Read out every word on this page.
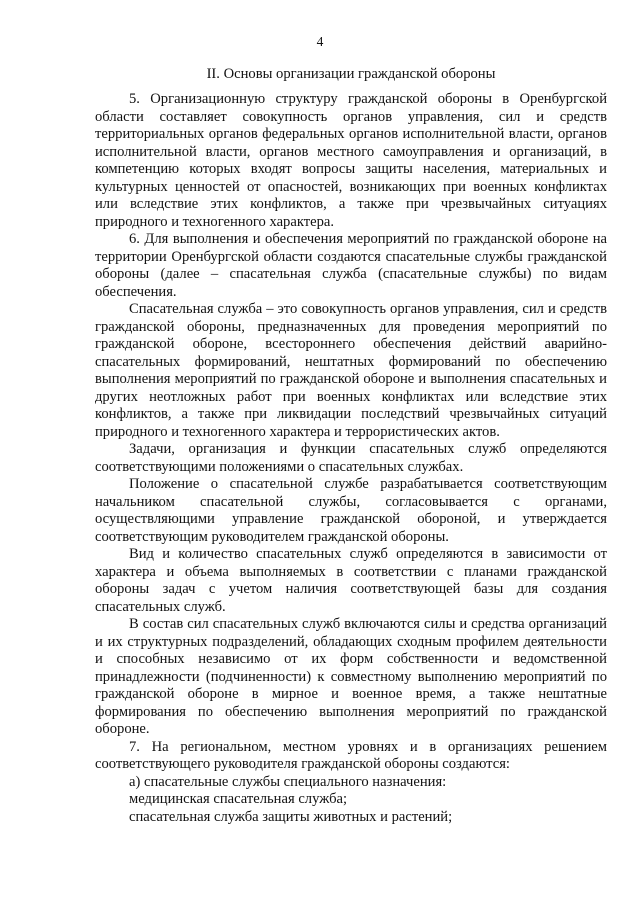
4
II. Основы организации гражданской обороны

5. Организационную структуру гражданской обороны в Оренбургской области составляет совокупность органов управления, сил и средств территориальных органов федеральных органов исполнительной власти, органов исполнительной власти, органов местного самоуправления и организаций, в компетенцию которых входят вопросы защиты населения, материальных и культурных ценностей от опасностей, возникающих при военных конфликтах или вследствие этих конфликтов, а также при чрезвычайных ситуациях природного и техногенного характера.

6. Для выполнения и обеспечения мероприятий по гражданской обороне на территории Оренбургской области создаются спасательные службы гражданской обороны (далее – спасательная служба (спасательные службы) по видам обеспечения.

Спасательная служба – это совокупность органов управления, сил и средств гражданской обороны, предназначенных для проведения мероприятий по гражданской обороне, всестороннего обеспечения действий аварийно-спасательных формирований, нештатных формирований по обеспечению выполнения мероприятий по гражданской обороне и выполнения спасательных и других неотложных работ при военных конфликтах или вследствие этих конфликтов, а также при ликвидации последствий чрезвычайных ситуаций природного и техногенного характера и террористических актов.

Задачи, организация и функции спасательных служб определяются соответствующими положениями о спасательных службах.

Положение о спасательной службе разрабатывается соответствующим начальником спасательной службы, согласовывается с органами, осуществляющими управление гражданской обороной, и утверждается соответствующим руководителем гражданской обороны.

Вид и количество спасательных служб определяются в зависимости от характера и объема выполняемых в соответствии с планами гражданской обороны задач с учетом наличия соответствующей базы для создания спасательных служб.

В состав сил спасательных служб включаются силы и средства организаций и их структурных подразделений, обладающих сходным профилем деятельности и способных независимо от их форм собственности и ведомственной принадлежности (подчиненности) к совместному выполнению мероприятий по гражданской обороне в мирное и военное время, а также нештатные формирования по обеспечению выполнения мероприятий по гражданской обороне.

7. На региональном, местном уровнях и в организациях решением соответствующего руководителя гражданской обороны создаются:

а) спасательные службы специального назначения:

медицинская спасательная служба;

спасательная служба защиты животных и растений;
